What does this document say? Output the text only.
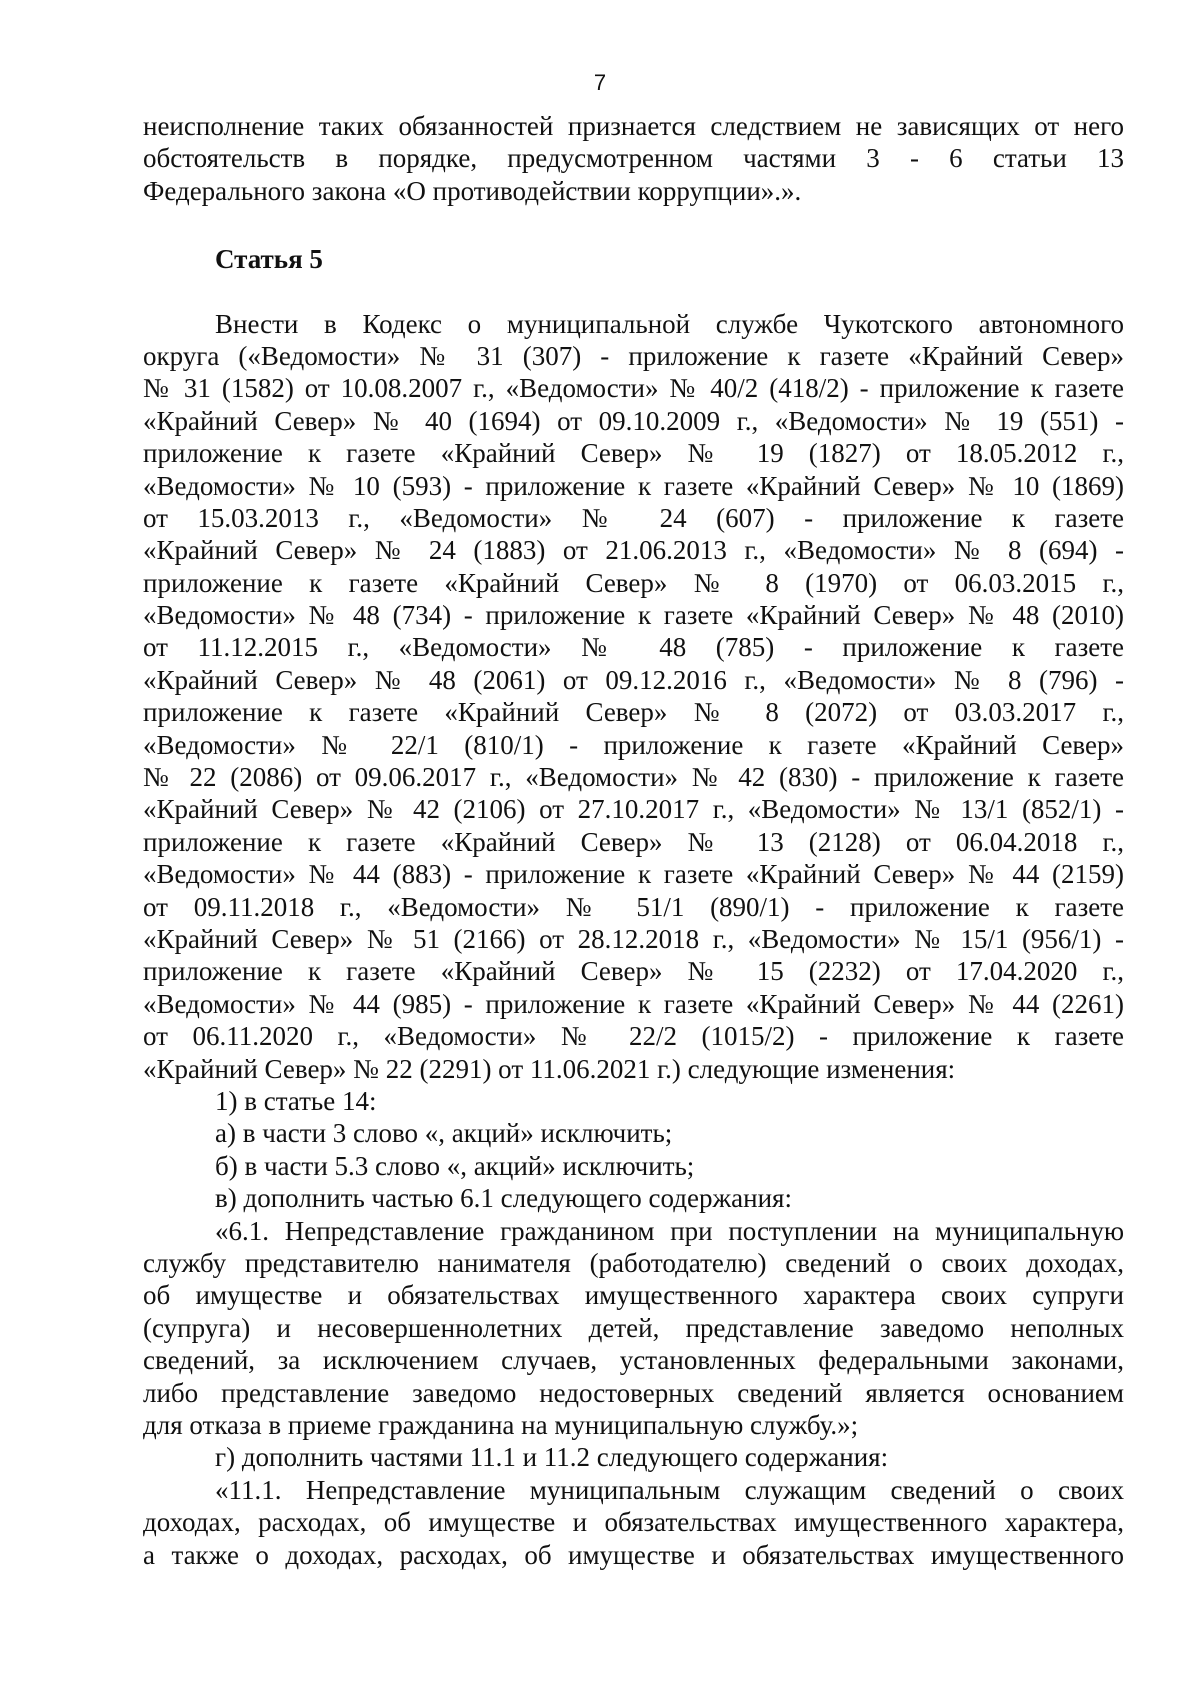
7
неисполнение таких обязанностей признается следствием не зависящих от него
обстоятельств в порядке, предусмотренном частями 3 - 6 статьи 13
Федерального закона «О противодействии коррупции».».

Статья 5

Внести в Кодекс о муниципальной службе Чукотского автономного
округа («Ведомости» № 31 (307) - приложение к газете «Крайний Север»
№ 31 (1582) от 10.08.2007 г., «Ведомости» № 40/2 (418/2) - приложение к газете
«Крайний Север» № 40 (1694) от 09.10.2009 г., «Ведомости» № 19 (551) -
приложение к газете «Крайний Север» № 19 (1827) от 18.05.2012 г.,
«Ведомости» № 10 (593) - приложение к газете «Крайний Север» № 10 (1869)
от 15.03.2013 г., «Ведомости» № 24 (607) - приложение к газете
«Крайний Север» № 24 (1883) от 21.06.2013 г., «Ведомости» № 8 (694) -
приложение к газете «Крайний Север» № 8 (1970) от 06.03.2015 г.,
«Ведомости» № 48 (734) - приложение к газете «Крайний Север» № 48 (2010)
от 11.12.2015 г., «Ведомости» № 48 (785) - приложение к газете
«Крайний Север» № 48 (2061) от 09.12.2016 г., «Ведомости» № 8 (796) -
приложение к газете «Крайний Север» № 8 (2072) от 03.03.2017 г.,
«Ведомости» № 22/1 (810/1) - приложение к газете «Крайний Север»
№ 22 (2086) от 09.06.2017 г., «Ведомости» № 42 (830) - приложение к газете
«Крайний Север» № 42 (2106) от 27.10.2017 г., «Ведомости» № 13/1 (852/1) -
приложение к газете «Крайний Север» № 13 (2128) от 06.04.2018 г.,
«Ведомости» № 44 (883) - приложение к газете «Крайний Север» № 44 (2159)
от 09.11.2018 г., «Ведомости» № 51/1 (890/1) - приложение к газете
«Крайний Север» № 51 (2166) от 28.12.2018 г., «Ведомости» № 15/1 (956/1) -
приложение к газете «Крайний Север» № 15 (2232) от 17.04.2020 г.,
«Ведомости» № 44 (985) - приложение к газете «Крайний Север» № 44 (2261)
от 06.11.2020 г., «Ведомости» № 22/2 (1015/2) - приложение к газете
«Крайний Север» № 22 (2291) от 11.06.2021 г.) следующие изменения:

1) в статье 14:

а) в части 3 слово «, акций» исключить;

б) в части 5.3 слово «, акций» исключить;

в) дополнить частью 6.1 следующего содержания:

«6.1. Непредставление гражданином при поступлении на муниципальную
службу представителю нанимателя (работодателю) сведений о своих доходах,
об имуществе и обязательствах имущественного характера своих супруги
(супруга) и несовершеннолетних детей, представление заведомо неполных
сведений, за исключением случаев, установленных федеральными законами,
либо представление заведомо недостоверных сведений является основанием
для отказа в приеме гражданина на муниципальную службу.»;

г) дополнить частями 11.1 и 11.2 следующего содержания:

«11.1. Непредставление муниципальным служащим сведений о своих
доходах, расходах, об имуществе и обязательствах имущественного характера,
а также о доходах, расходах, об имуществе и обязательствах имущественного
